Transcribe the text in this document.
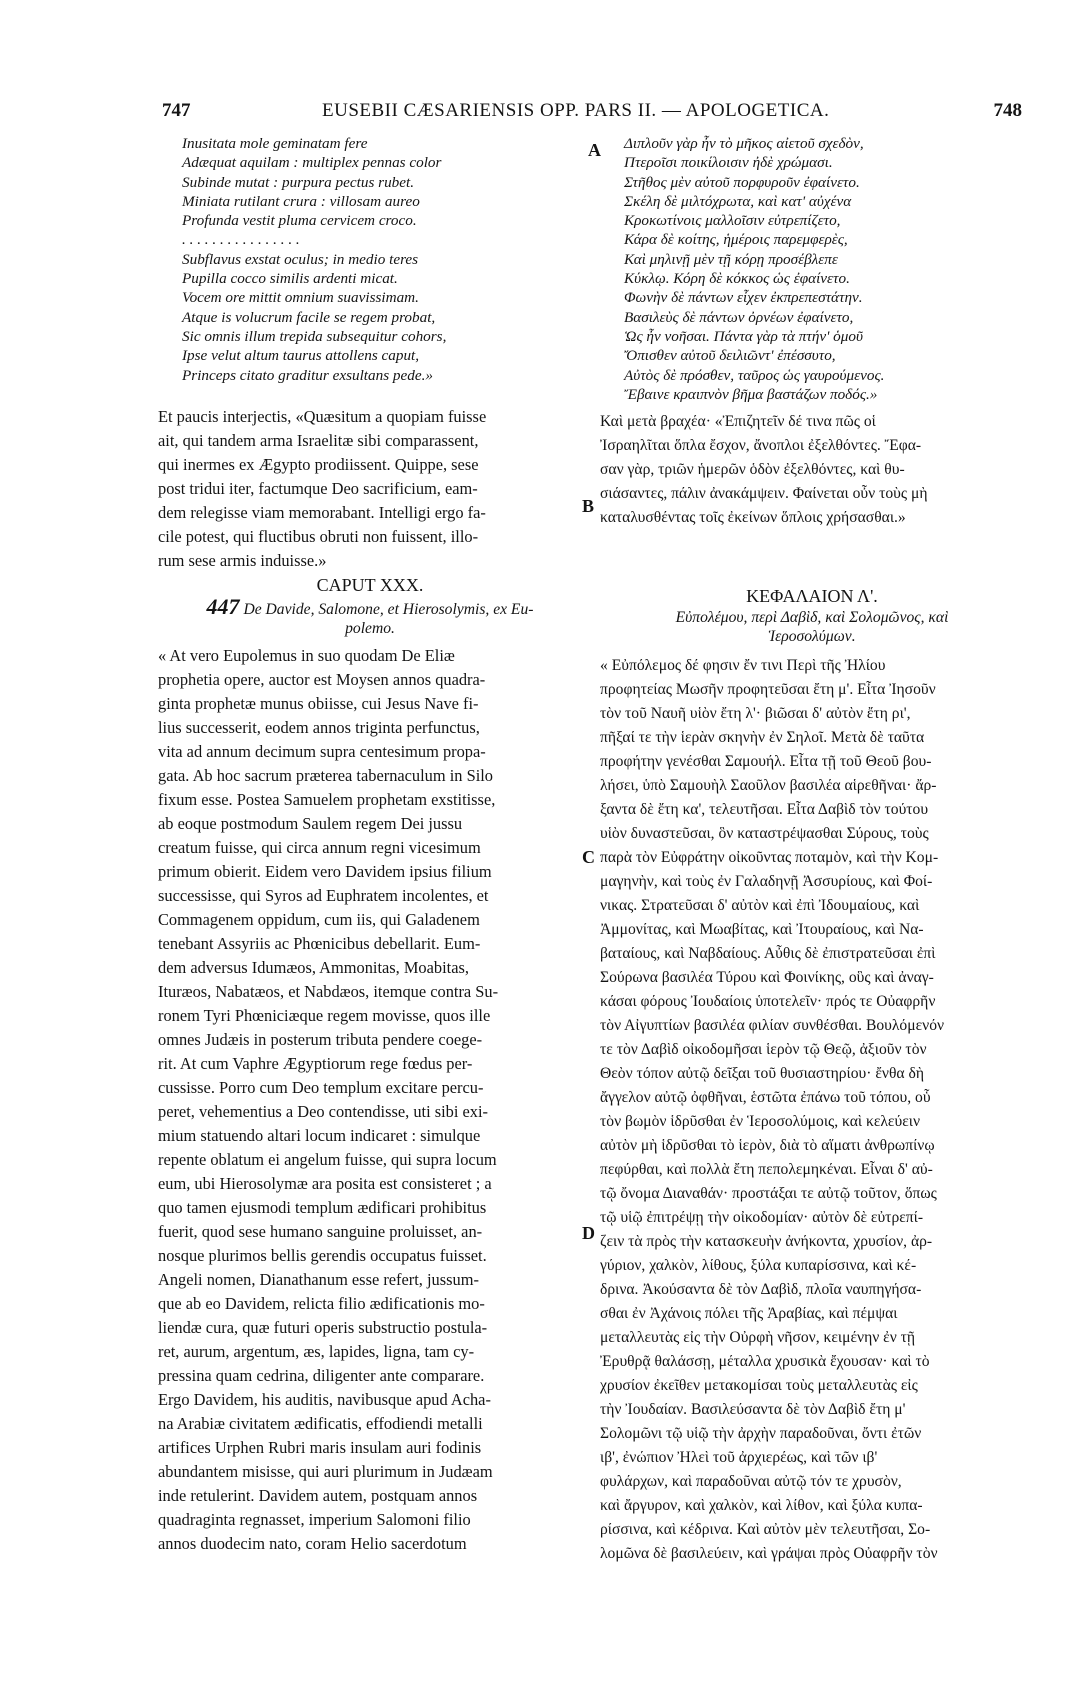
747	EUSEBII CÆSARIENSIS OPP. PARS II. — APOLOGETICA.	748
A
B
C
D
Inusitata mole geminatam fere
Adæquat aquilam : multiplex pennas color
Subinde mutat : purpura pectus rubet.
Miniata rutilant crura : villosam aureo
Profunda vestit pluma cervicem croco.
. . . . . . . . . . . . . . . .
Subflavus exstat oculus; in medio teres
Pupilla cocco similis ardenti micat.
Vocem ore mittit omnium suavissimam.
Atque is volucrum facile se regem probat,
Sic omnis illum trepida subsequitur cohors,
Ipse velut altum taurus attollens caput,
Princeps citato graditur exsultans pede.»
Et paucis interjectis, «Quæsitum a quopiam fuisse
ait, qui tandem arma Israelitæ sibi comparassent,
qui inermes ex Ægypto prodiissent. Quippe, sese
post tridui iter, factumque Deo sacrificium, eam-
dem relegisse viam memorabant. Intelligi ergo fa-
cile potest, qui fluctibus obruti non fuissent, illo-
rum sese armis induisse.»
CAPUT XXX.
447 De Davide, Salomone, et Hierosolymis, ex Eu-
polemo.
« At vero Eupolemus in suo quodam De Eliæ
prophetia opere, auctor est Moysen annos quadra-
ginta prophetæ munus obiisse, cui Jesus Nave fi-
lius successerit, eodem annos triginta perfunctus,
vita ad annum decimum supra centesimum propa-
gata. Ab hoc sacrum præterea tabernaculum in Silo
fixum esse. Postea Samuelem prophetam exstitisse,
ab eoque postmodum Saulem regem Dei jussu
creatum fuisse, qui circa annum regni vicesimum
primum obierit. Eidem vero Davidem ipsius filium
successisse, qui Syros ad Euphratem incolentes, et
Commagenem oppidum, cum iis, qui Galadenem
tenebant Assyriis ac Phœnicibus debellarit. Eum-
dem adversus Idumæos, Ammonitas, Moabitas,
Ituræos, Nabatæos, et Nabdæos, itemque contra Su-
ronem Tyri Phœniciæque regem movisse, quos ille
omnes Judæis in posterum tributa pendere coege-
rit. At cum Vaphre Ægyptiorum rege fœdus per-
cussisse. Porro cum Deo templum excitare percu-
peret, vehementius a Deo contendisse, uti sibi exi-
mium statuendo altari locum indicaret : simulque
repente oblatum ei angelum fuisse, qui supra locum
eum, ubi Hierosolymæ ara posita est consisteret ; a
quo tamen ejusmodi templum ædificari prohibitus
fuerit, quod sese humano sanguine proluisset, an-
nosque plurimos bellis gerendis occupatus fuisset.
Angeli nomen, Dianathanum esse refert, jussum-
que ab eo Davidem, relicta filio ædificationis mo-
liendæ cura, quæ futuri operis substructio postula-
ret, aurum, argentum, æs, lapides, ligna, tam cy-
pressina quam cedrina, diligenter ante comparare.
Ergo Davidem, his auditis, navibusque apud Acha-
na Arabiæ civitatem ædificatis, effodiendi metalli
artifices Urphen Rubri maris insulam auri fodinis
abundantem misisse, qui auri plurimum in Judæam
inde retulerint. Davidem autem, postquam annos
quadraginta regnasset, imperium Salomoni filio
annos duodecim nato, coram Helio sacerdotum
Διπλοῦν γὰρ ἦν τὸ μῆκος αἰετοῦ σχεδὸν,
Πτεροῖσι ποικίλοισιν ἠδὲ χρώμασι.
Στῆθος μὲν αὐτοῦ πορφυροῦν ἐφαίνετο.
Σκέλη δὲ μιλτόχρωτα, καὶ κατ' αὐχένα
Κροκωτίνοις μαλλοῖσιν εὐτρεπίζετο,
Κάρα δὲ κοίτης, ἡμέροις παρεμφερὲς,
Καὶ μηλινῇ μὲν τῇ κόρῃ προσέβλεπε
Κύκλῳ. Κόρη δὲ κόκκος ὡς ἐφαίνετο.
Φωνὴν δὲ πάντων εἶχεν ἐκπρεπεστάτην.
Βασιλεὺς δὲ πάντων ὀρνέων ἐφαίνετο,
Ὡς ἦν νοῆσαι. Πάντα γὰρ τὰ πτήν' ὁμοῦ
Ὄπισθεν αὐτοῦ δειλιῶντ' ἐπέσσυτο,
Αὐτὸς δὲ πρόσθεν, ταῦρος ὡς γαυρούμενος.
Ἔβαινε κραιπνὸν βῆμα βαστάζων ποδός.»
Καὶ μετὰ βραχέα· «Ἐπιζητεῖν δέ τινα πῶς οἱ
Ἰσραηλῖται ὅπλα ἔσχον, ἄνοπλοι ἐξελθόντες. Ἔφα-
σαν γὰρ, τριῶν ἡμερῶν ὁδὸν ἐξελθόντες, καὶ θυ-
σιάσαντες, πάλιν ἀνακάμψειν. Φαίνεται οὖν τοὺς μὴ
καταλυσθέντας τοῖς ἐκείνων ὅπλοις χρήσασθαι.»
ΚΕΦΑΛΑΙΟΝ Λ'.
Εὐπολέμου, περὶ Δαβὶδ, καὶ Σολομῶνος, καὶ
Ἱεροσολύμων.
« Εὐπόλεμος δέ φησιν ἔν τινι Περὶ τῆς Ἠλίου
προφητείας Μωσῆν προφητεῦσαι ἔτη μ'. Εἶτα Ἰησοῦν
τὸν τοῦ Ναυῆ υἱὸν ἔτη λ'· βιῶσαι δ' αὐτὸν ἔτη ρι',
πῆξαί τε τὴν ἱερὰν σκηνὴν ἐν Σηλοῖ. Μετὰ δὲ ταῦτα
προφήτην γενέσθαι Σαμουήλ. Εἶτα τῇ τοῦ Θεοῦ βου-
λήσει, ὑπὸ Σαμουὴλ Σαοῦλον βασιλέα αἱρεθῆναι· ἄρ-
ξαντα δὲ ἔτη κα', τελευτῆσαι. Εἶτα Δαβὶδ τὸν τούτου
υἱὸν δυναστεῦσαι, ὃν καταστρέψασθαι Σύρους, τοὺς
παρὰ τὸν Εὐφράτην οἰκοῦντας ποταμὸν, καὶ τὴν Κομ-
μαγηνὴν, καὶ τοὺς ἐν Γαλαδηνῇ Ἀσσυρίους, καὶ Φοί-
νικας. Στρατεῦσαι δ' αὐτὸν καὶ ἐπὶ Ἰδουμαίους, καὶ
Ἀμμονίτας, καὶ Μωαβίτας, καὶ Ἰτουραίους, καὶ Να-
βαταίους, καὶ Ναβδαίους. Αὖθις δὲ ἐπιστρατεῦσαι ἐπὶ
Σούρωνα βασιλέα Τύρου καὶ Φοινίκης, οὓς καὶ ἀναγ-
κάσαι φόρους Ἰουδαίοις ὑποτελεῖν· πρός τε Οὐαφρῆν
τὸν Αἰγυπτίων βασιλέα φιλίαν συνθέσθαι. Βουλόμενόν
τε τὸν Δαβὶδ οἰκοδομῆσαι ἱερὸν τῷ Θεῷ, ἀξιοῦν τὸν
Θεὸν τόπον αὐτῷ δεῖξαι τοῦ θυσιαστηρίου· ἔνθα δὴ
ἄγγελον αὐτῷ ὀφθῆναι, ἑστῶτα ἐπάνω τοῦ τόπου, οὗ
τὸν βωμὸν ἱδρῦσθαι ἐν Ἱεροσολύμοις, καὶ κελεύειν
αὐτὸν μὴ ἱδρῦσθαι τὸ ἱερὸν, διὰ τὸ αἵματι ἀνθρωπίνῳ
πεφύρθαι, καὶ πολλὰ ἔτη πεπολεμηκέναι. Εἶναι δ' αὐ-
τῷ ὄνομα Διαναθάν· προστάξαι τε αὐτῷ τοῦτον, ὅπως
τῷ υἱῷ ἐπιτρέψῃ τὴν οἰκοδομίαν· αὐτὸν δὲ εὐτρεπί-
ζειν τὰ πρὸς τὴν κατασκευὴν ἀνήκοντα, χρυσίον, ἀρ-
γύριον, χαλκὸν, λίθους, ξύλα κυπαρίσσινα, καὶ κέ-
δρινα. Ἀκούσαντα δὲ τὸν Δαβὶδ, πλοῖα ναυπηγήσα-
σθαι ἐν Ἀχάνοις πόλει τῆς Ἀραβίας, καὶ πέμψαι
μεταλλευτὰς εἰς τὴν Οὐρφὴ νῆσον, κειμένην ἐν τῇ
Ἐρυθρᾷ θαλάσσῃ, μέταλλα χρυσικὰ ἔχουσαν· καὶ τὸ
χρυσίον ἐκεῖθεν μετακομίσαι τοὺς μεταλλευτὰς εἰς
τὴν Ἰουδαίαν. Βασιλεύσαντα δὲ τὸν Δαβὶδ ἔτη μ'
Σολομῶνι τῷ υἱῷ τὴν ἀρχὴν παραδοῦναι, ὄντι ἐτῶν
ιβ', ἐνώπιον Ἠλεὶ τοῦ ἀρχιερέως, καὶ τῶν ιβ'
φυλάρχων, καὶ παραδοῦναι αὐτῷ τόν τε χρυσὸν,
καὶ ἄργυρον, καὶ χαλκὸν, καὶ λίθον, καὶ ξύλα κυπα-
ρίσσινα, καὶ κέδρινα. Καὶ αὐτὸν μὲν τελευτῆσαι, Σο-
λομῶνα δὲ βασιλεύειν, καὶ γράψαι πρὸς Οὐαφρῆν τὸν
